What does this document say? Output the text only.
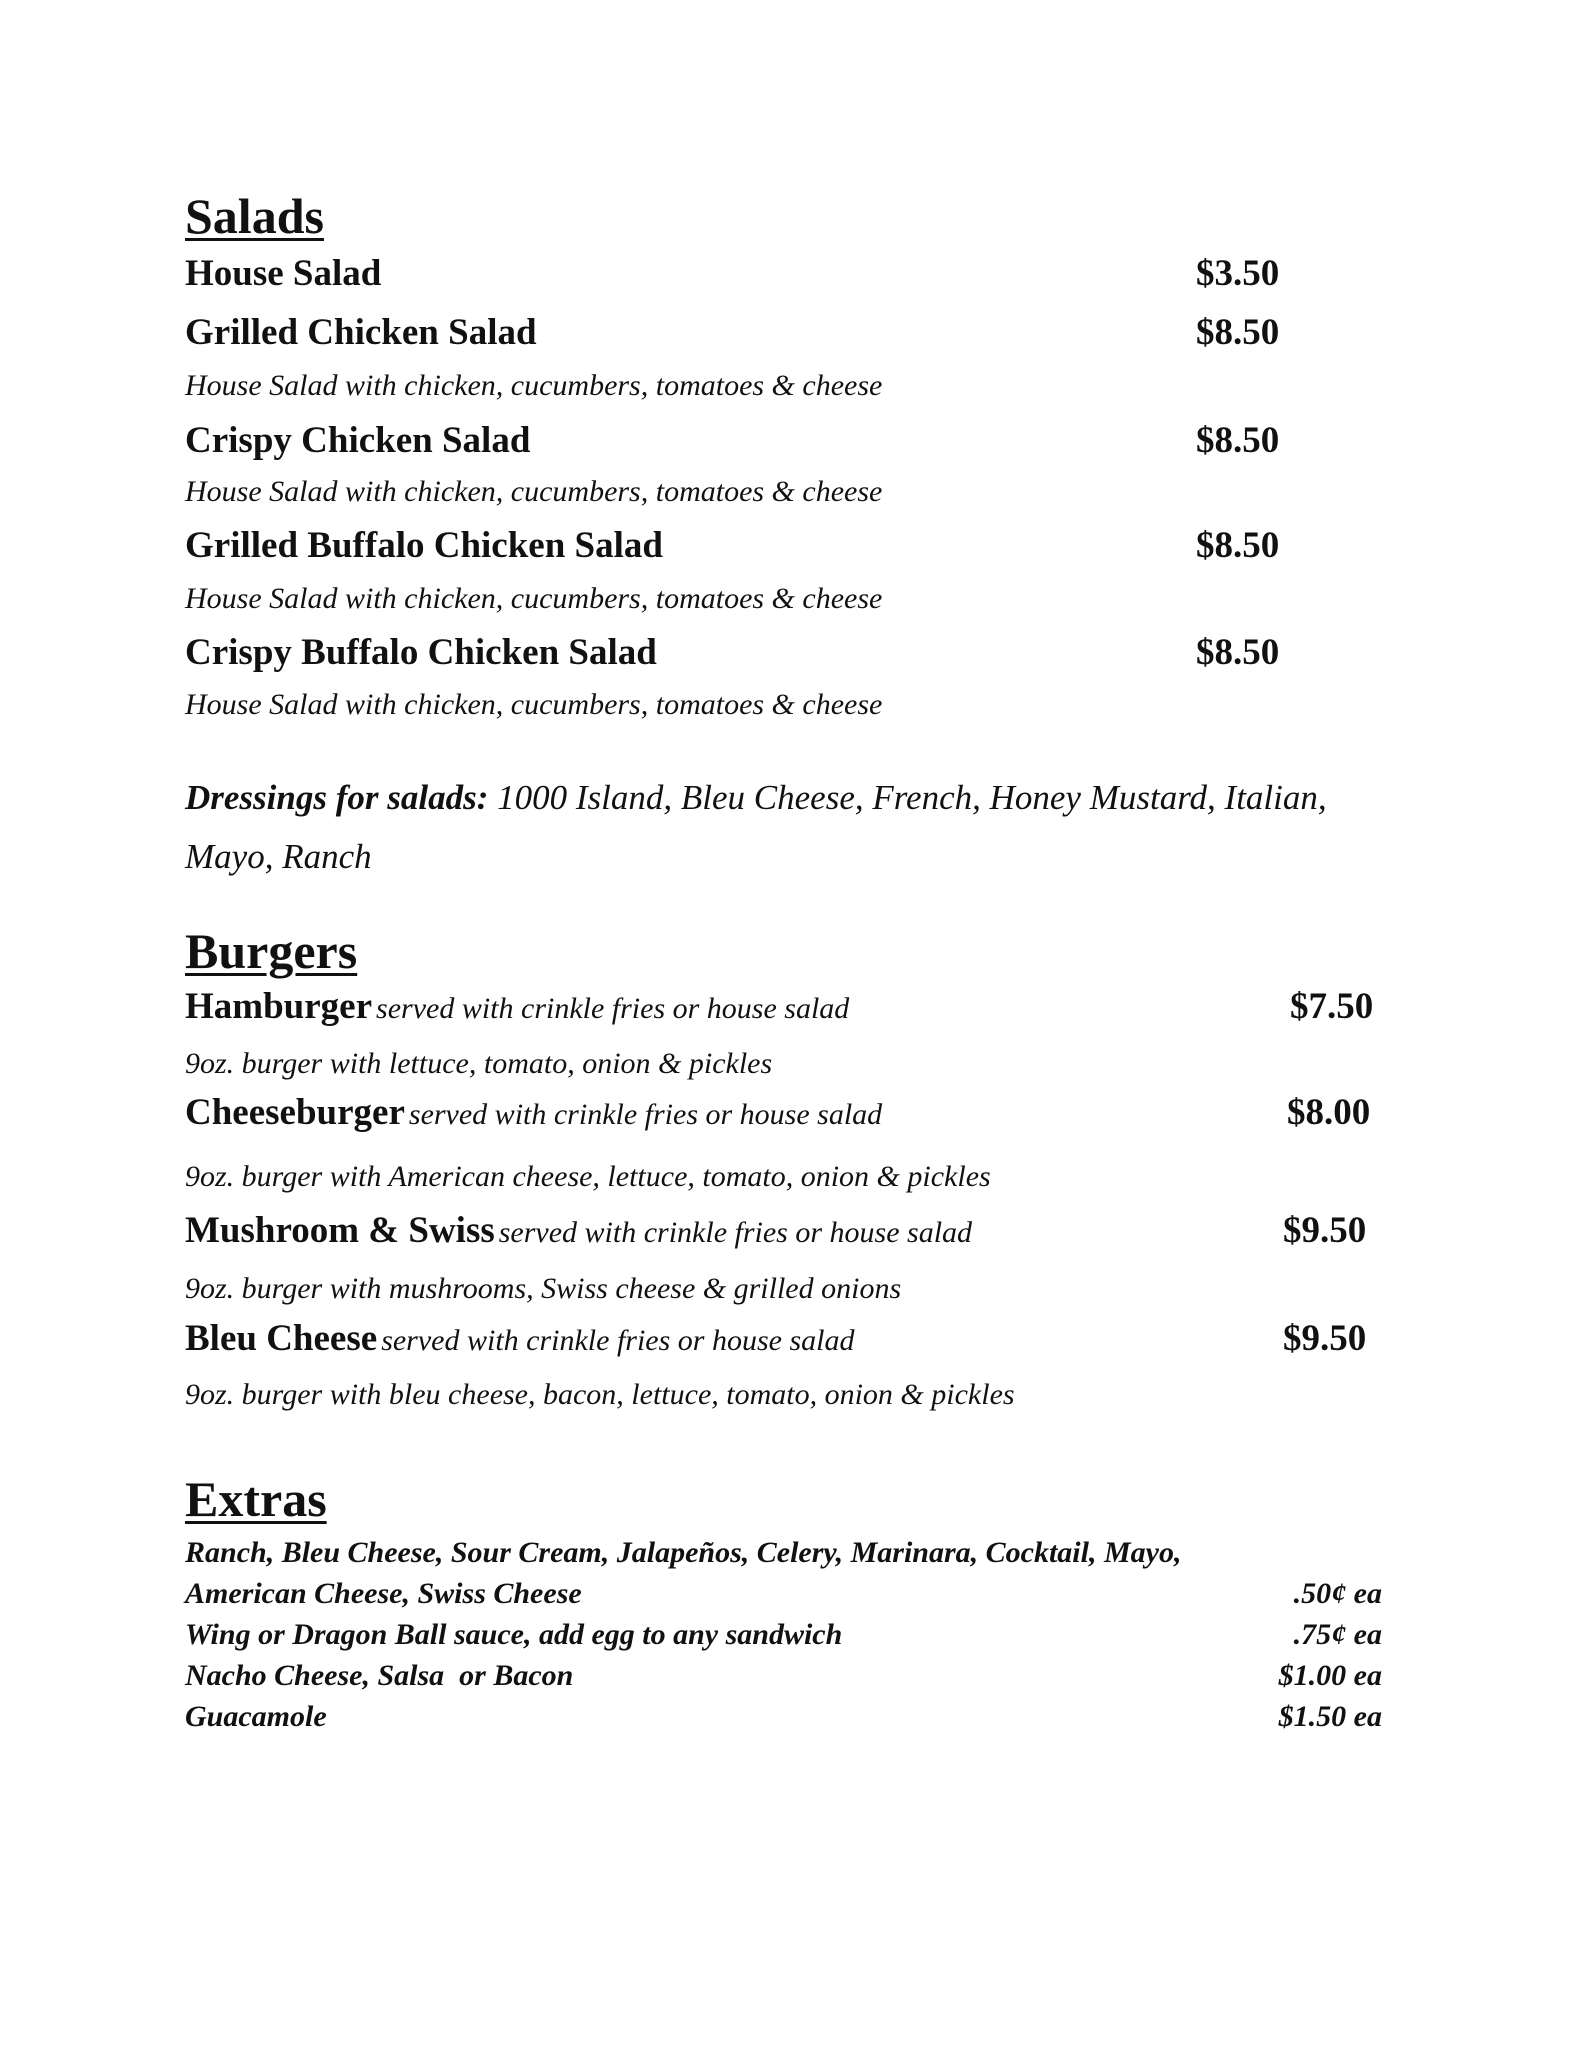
Salads
House Salad	$3.50
Grilled Chicken Salad	$8.50
House Salad with chicken, cucumbers, tomatoes & cheese
Crispy Chicken Salad	$8.50
House Salad with chicken, cucumbers, tomatoes & cheese
Grilled Buffalo Chicken Salad	$8.50
House Salad with chicken, cucumbers, tomatoes & cheese
Crispy Buffalo Chicken Salad	$8.50
House Salad with chicken, cucumbers, tomatoes & cheese
Dressings for salads: 1000 Island, Bleu Cheese, French, Honey Mustard, Italian,
Mayo, Ranch
Burgers
Hamburger served with crinkle fries or house salad	$7.50
9oz. burger with lettuce, tomato, onion & pickles
Cheeseburger served with crinkle fries or house salad	$8.00
9oz. burger with American cheese, lettuce, tomato, onion & pickles
Mushroom & Swiss served with crinkle fries or house salad	$9.50
9oz. burger with mushrooms, Swiss cheese & grilled onions
Bleu Cheese served with crinkle fries or house salad	$9.50
9oz. burger with bleu cheese, bacon, lettuce, tomato, onion & pickles
Extras
Ranch, Bleu Cheese, Sour Cream, Jalapeños, Celery, Marinara, Cocktail, Mayo,
American Cheese, Swiss Cheese	.50¢ ea
Wing or Dragon Ball sauce, add egg to any sandwich	.75¢ ea
Nacho Cheese, Salsa  or Bacon	$1.00 ea
Guacamole	$1.50 ea
